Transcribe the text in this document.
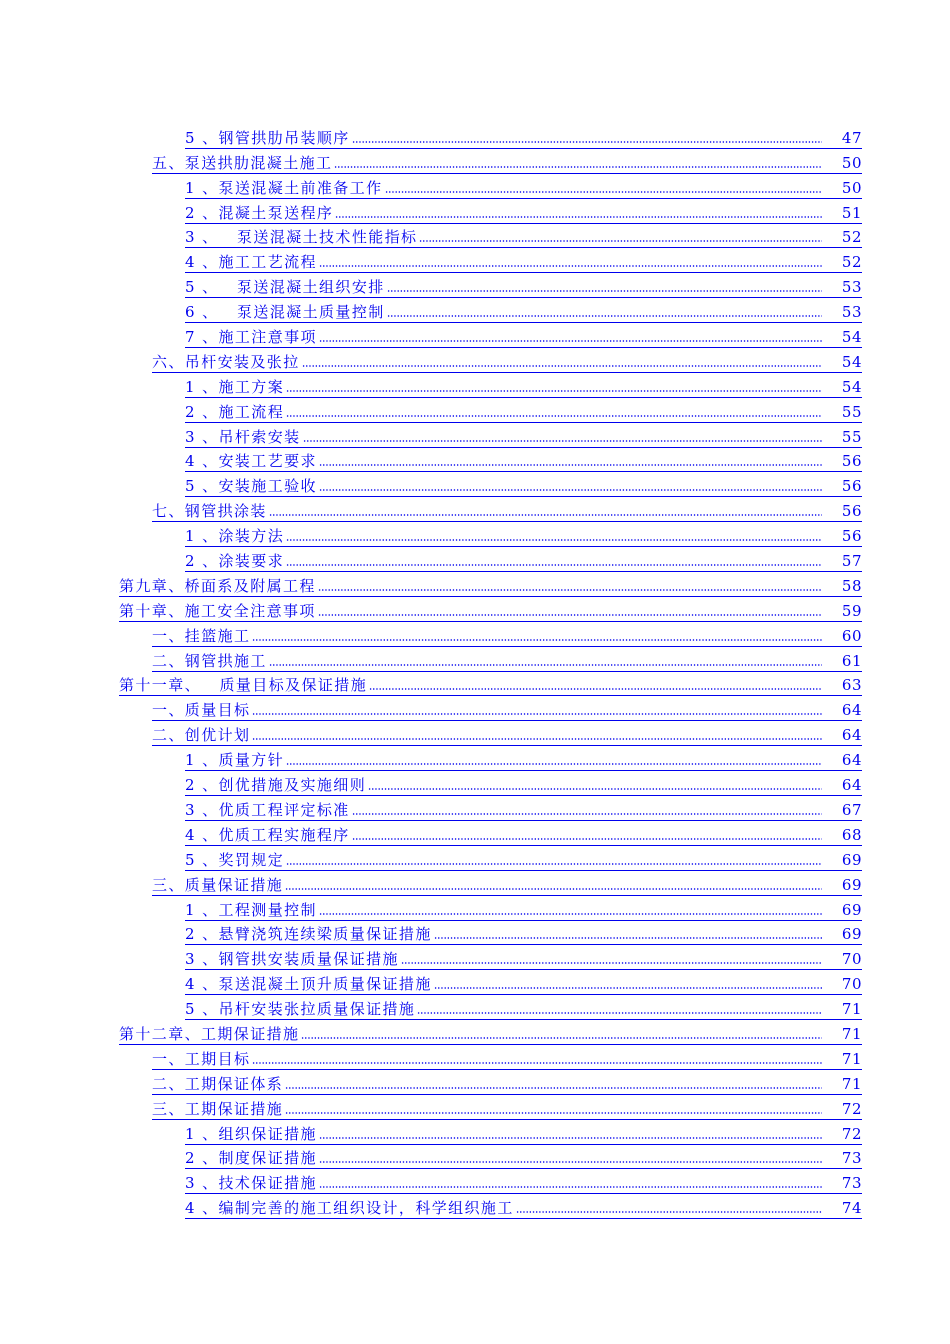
5 、钢管拱肋吊装顺序	47
五、泵送拱肋混凝土施工	50
1 、泵送混凝土前准备工作	50
2 、混凝土泵送程序	51
3 、   泵送混凝土技术性能指标	52
4 、施工工艺流程	52
5 、   泵送混凝土组织安排	53
6 、   泵送混凝土质量控制	53
7 、施工注意事项	54
六、吊杆安装及张拉	54
1 、施工方案	54
2 、施工流程	55
3 、吊杆索安装	55
4 、安装工艺要求	56
5 、安装施工验收	56
七、钢管拱涂装	56
1 、涂装方法	56
2 、涂装要求	57
第九章、桥面系及附属工程	58
第十章、施工安全注意事项	59
一、挂篮施工	60
二、钢管拱施工	61
第十一章、   质量目标及保证措施	63
一、质量目标	64
二、创优计划	64
1 、质量方针	64
2 、创优措施及实施细则	64
3 、优质工程评定标准	67
4 、优质工程实施程序	68
5 、奖罚规定	69
三、质量保证措施	69
1 、工程测量控制	69
2 、悬臂浇筑连续梁质量保证措施	69
3 、钢管拱安装质量保证措施	70
4 、泵送混凝土顶升质量保证措施	70
5 、吊杆安装张拉质量保证措施	71
第十二章、工期保证措施	71
一、工期目标	71
二、工期保证体系	71
三、工期保证措施	72
1 、组织保证措施	72
2 、制度保证措施	73
3 、技术保证措施	73
4 、编制完善的施工组织设计，科学组织施工	74
